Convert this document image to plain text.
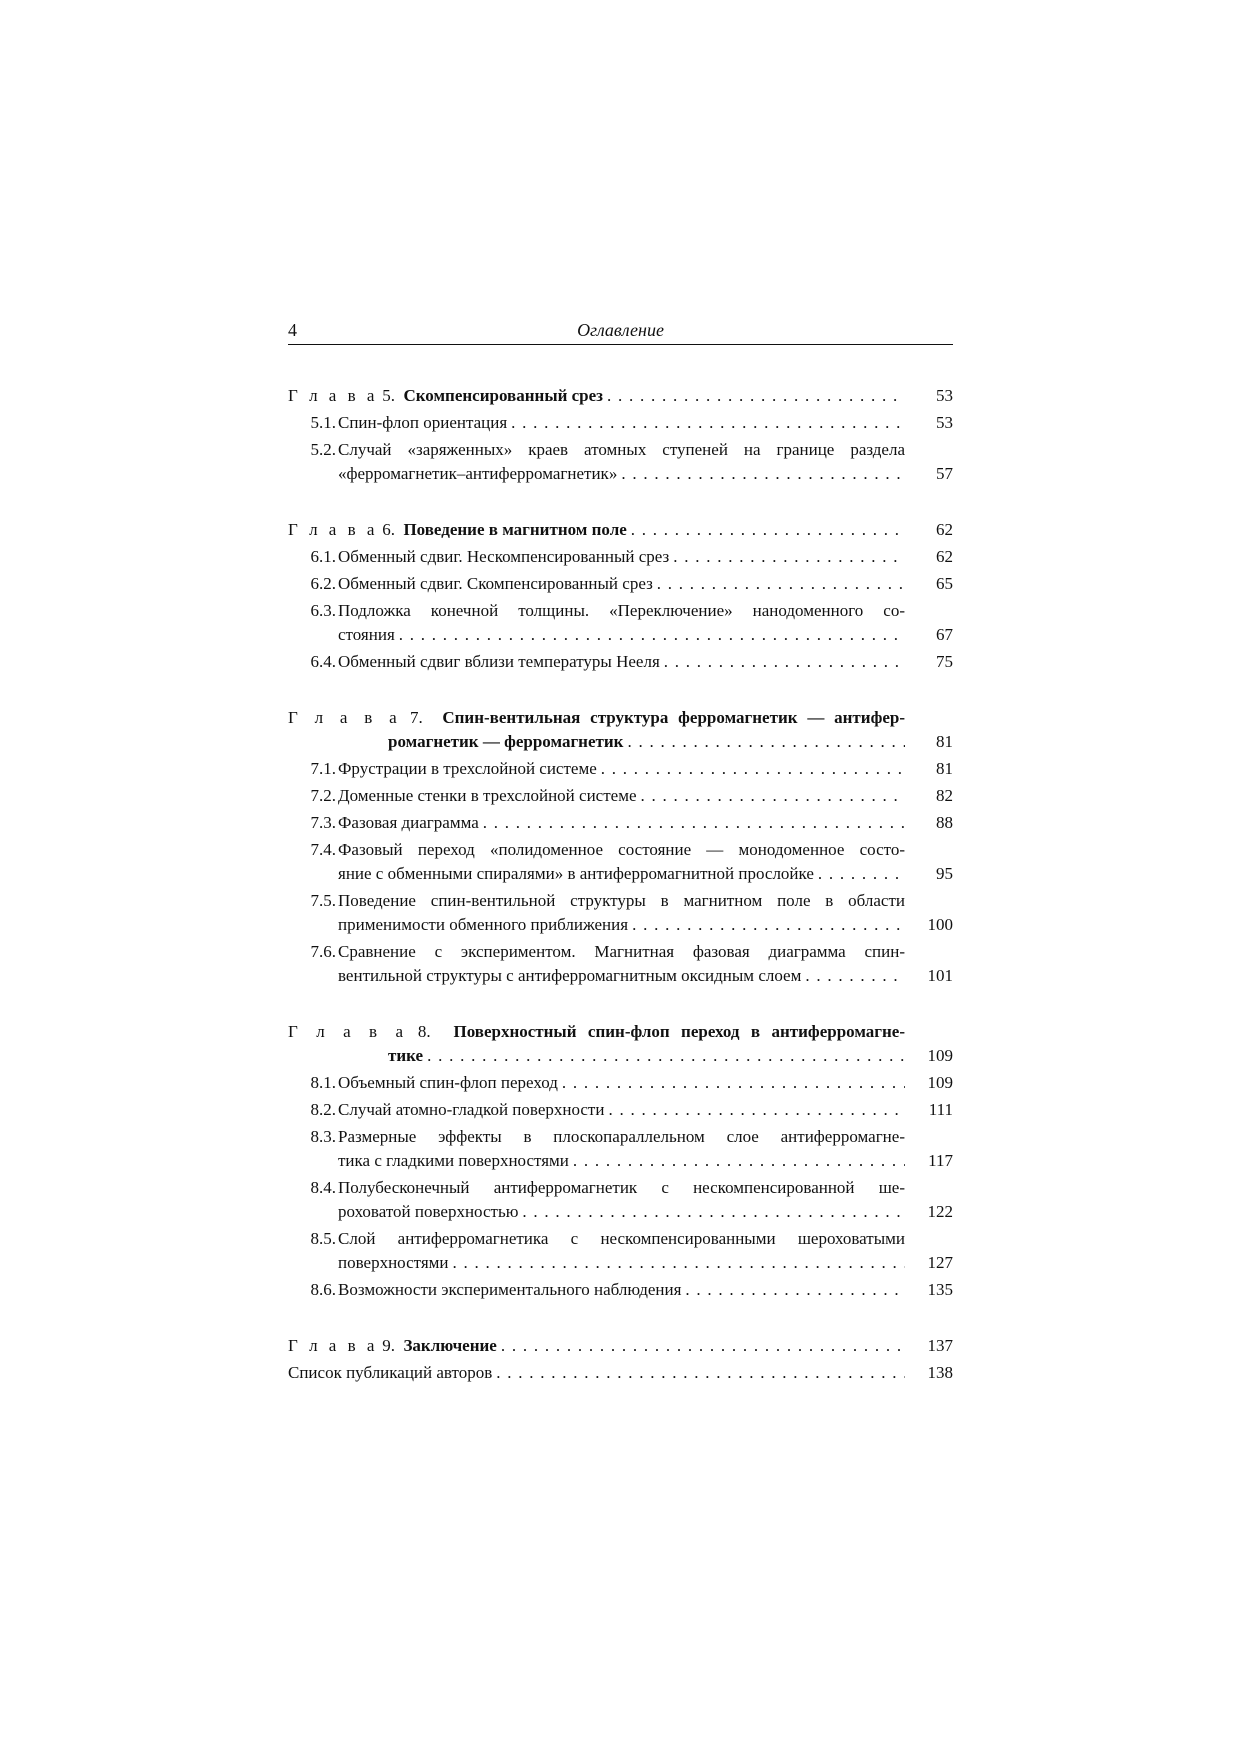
4	Оглавление
Г л а в а 5. Скомпенсированный срез . . .	53
5.1. Спин-флоп ориентация . . .	53
5.2. Случай «заряженных» краев атомных ступеней на границе раздела
«ферромагнетик–антиферромагнетик» . . .	57
Г л а в а 6. Поведение в магнитном поле . . .	62
6.1. Обменный сдвиг. Нескомпенсированный срез . . .	62
6.2. Обменный сдвиг. Скомпенсированный срез . . .	65
6.3. Подложка конечной толщины. «Переключение» нанодоменного со-
стояния . . .	67
6.4. Обменный сдвиг вблизи температуры Нееля . . .	75
Г л а в а 7. Спин-вентильная структура ферромагнетик — антифер-
ромагнетик — ферромагнетик . . .	81
7.1. Фрустрации в трехслойной системе . . .	81
7.2. Доменные стенки в трехслойной системе . . .	82
7.3. Фазовая диаграмма . . .	88
7.4. Фазовый переход «полидоменное состояние — монодоменное состо-
яние с обменными спиралями» в антиферромагнитной прослойке . . .	95
7.5. Поведение спин-вентильной структуры в магнитном поле в области
применимости обменного приближения . . .	100
7.6. Сравнение с экспериментом. Магнитная фазовая диаграмма спин-
вентильной структуры с антиферромагнитным оксидным слоем . . .	101
Г л а в а 8. Поверхностный спин-флоп переход в антиферромагне-
тике . . .	109
8.1. Объемный спин-флоп переход . . .	109
8.2. Случай атомно-гладкой поверхности . . .	111
8.3. Размерные эффекты в плоскопараллельном слое антиферромагне-
тика с гладкими поверхностями . . .	117
8.4. Полубесконечный антиферромагнетик с нескомпенсированной ше-
роховатой поверхностью . . .	122
8.5. Слой антиферромагнетика с нескомпенсированными шероховатыми
поверхностями . . .	127
8.6. Возможности экспериментального наблюдения . . .	135
Г л а в а 9. Заключение . . .	137
Список публикаций авторов . . .	138
